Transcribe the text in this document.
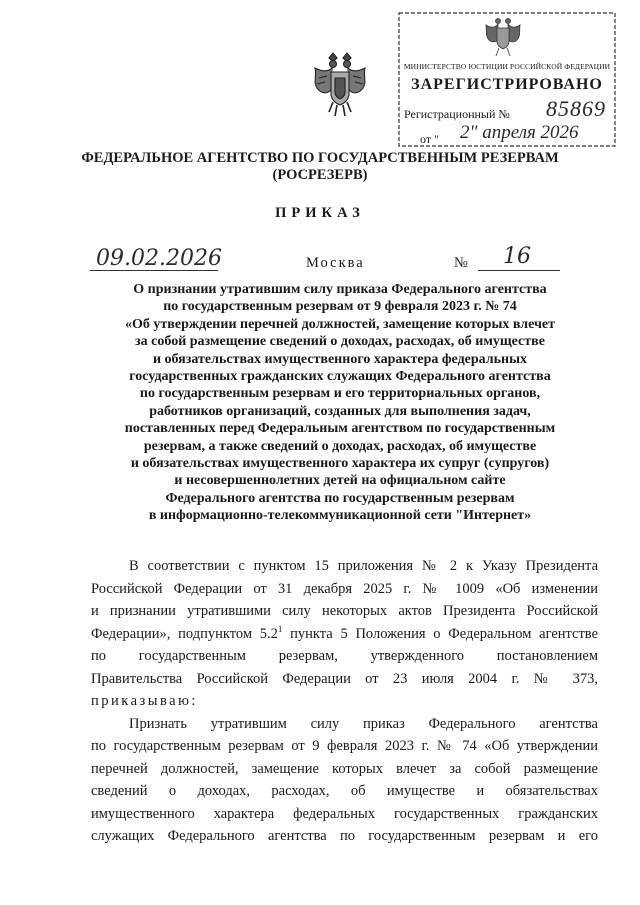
МИНИСТЕРСТВО ЮСТИЦИИ РОССИЙСКОЙ ФЕДЕРАЦИИ
ЗАРЕГИСТРИРОВАНО
Регистрационный № 85869
от " 2" апреля 2026
ФЕДЕРАЛЬНОЕ АГЕНТСТВО ПО ГОСУДАРСТВЕННЫМ РЕЗЕРВАМ
(РОСРЕЗЕРВ)
ПРИКАЗ
09.02.2026	Москва	№ 16
О признании утратившим силу приказа Федерального агентства
по государственным резервам от 9 февраля 2023 г. № 74
«Об утверждении перечней должностей, замещение которых влечет
за собой размещение сведений о доходах, расходах, об имуществе
и обязательствах имущественного характера федеральных
государственных гражданских служащих Федерального агентства
по государственным резервам и его территориальных органов,
работников организаций, созданных для выполнения задач,
поставленных перед Федеральным агентством по государственным
резервам, а также сведений о доходах, расходах, об имуществе
и обязательствах имущественного характера их супруг (супругов)
и несовершеннолетних детей на официальном сайте
Федерального агентства по государственным резервам
в информационно-телекоммуникационной сети "Интернет»
В соответствии с пунктом 15 приложения № 2 к Указу Президента
Российской Федерации от 31 декабря 2025 г. № 1009 «Об изменении
и признании утратившими силу некоторых актов Президента Российской
Федерации», подпунктом $5.2^1$ пункта 5 Положения о Федеральном агентстве
по государственным резервам, утвержденного постановлением
Правительства Российской Федерации от 23 июля 2004 г. № 373,
приказываю:
Признать утратившим силу приказ Федерального агентства
по государственным резервам от 9 февраля 2023 г. № 74 «Об утверждении
перечней должностей, замещение которых влечет за собой размещение
сведений о доходах, расходах, об имуществе и обязательствах
имущественного характера федеральных государственных гражданских
служащих Федерального агентства по государственным резервам и его
